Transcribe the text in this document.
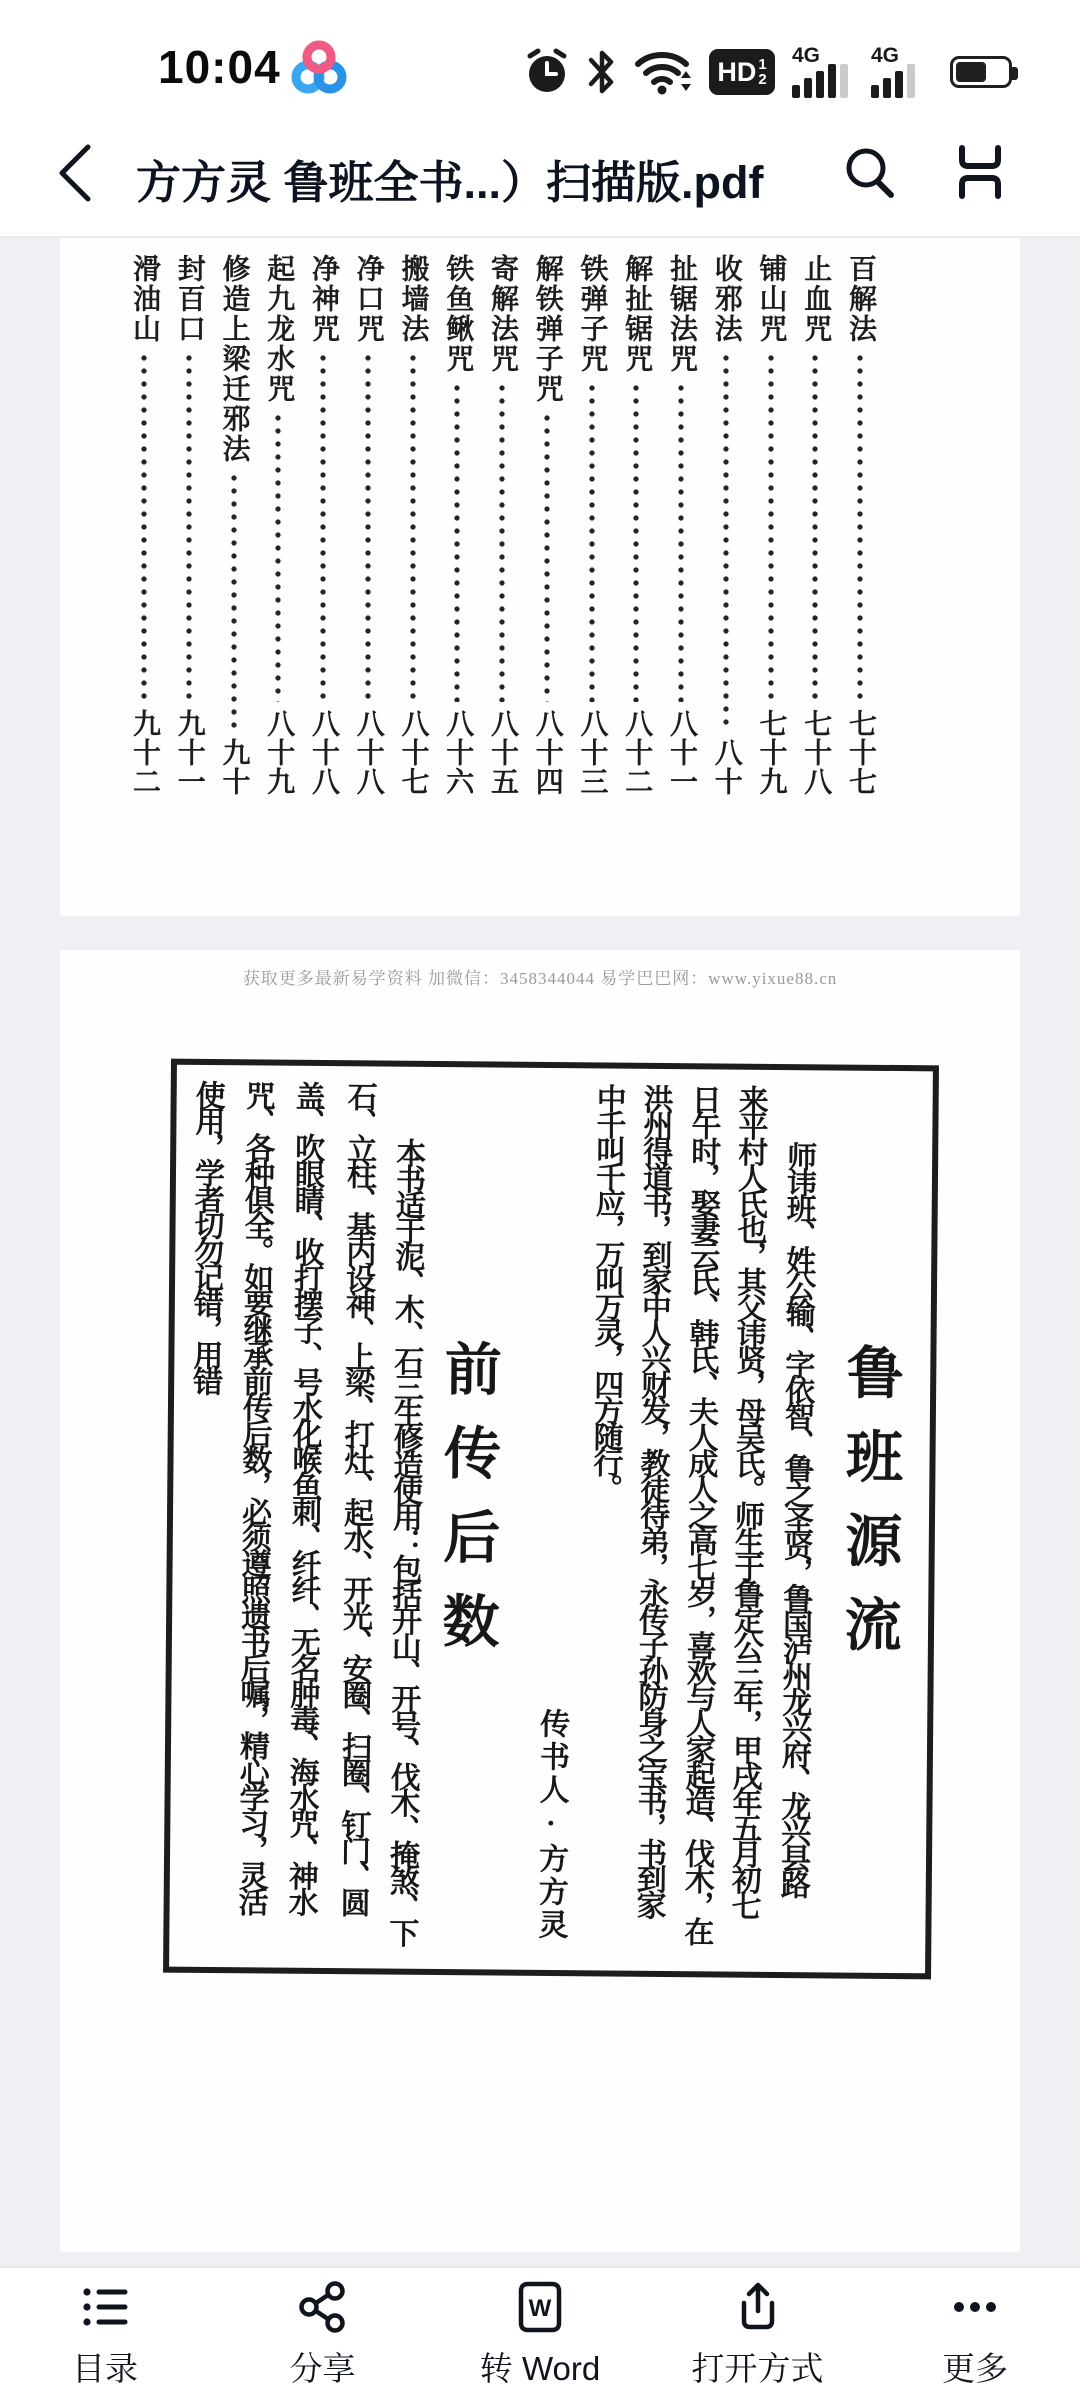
10:04	HD 1
2
4G 4G
方方灵 鲁班全书...）扫描版.pdf
百解法
七十七
止血咒
七十八
铺山咒
七十九
收邪法
八十
扯锯法咒
八十一
解扯锯咒
八十二
铁弹子咒
八十三
解铁弹子咒
八十四
寄解法咒
八十五
铁鱼鳅咒
八十六
搬墙法
八十七
净口咒
八十八
净神咒
八十八
起九龙水咒
八十九
修造上梁迁邪法
九十
封百口
九十一
滑油山
九十二
获取更多最新易学资料 加微信：3458344044 易学巴巴网：www.yixue88.cn
鲁班源流
师讳班、姓公输、字依智、鲁之圣贤，鲁国泸州龙兴府、龙兴县路
来平村人氏也，其父讳贤，母吴氏。师生于鲁定公三年，甲戌年五月初七
日午时，娶妻云氏、韩氏、夫人成人之高七岁，喜欢与人家起造、伐木，在
洪州得道书，到家中人兴财发，教徒待弟，永传子孙防身之宝书，书到家
中千叫千应，万叫万灵，四方随行。
传书人·方方灵
前传后数
本书适于泥、木、石三生修造使用：包括开山、开号、伐木、掩煞、下
石、立柱、基内设神、上梁、打灶、起水、开光、安圈、扫圈、钉门、圆
盖、吹眼睛、收打摆子、号水化喉鱼刺、纤纤、无名肿毒、海水咒、神水
咒、各种俱全。如要继承前传后数，必须遵照遗书后嘱，精心学习，灵活
使用，学者切勿记错，用错
目录	分享
W
转 Word	打开方式	更多
